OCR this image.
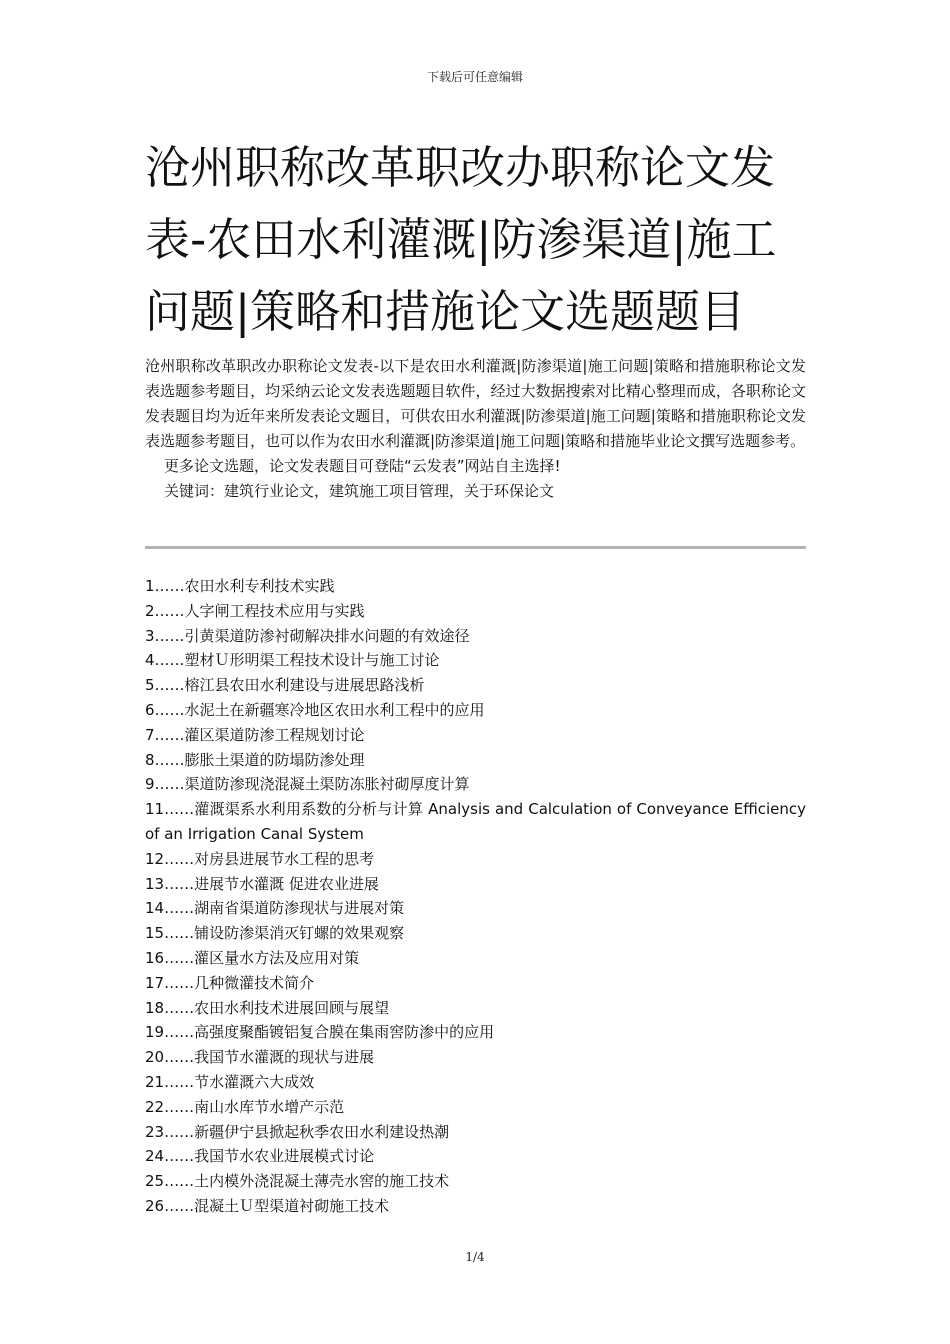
下载后可任意编辑
沧州职称改革职改办职称论文发表-农田水利灌溉|防渗渠道|施工问题|策略和措施论文选题题目

沧州职称改革职改办职称论文发表-以下是农田水利灌溉|防渗渠道|施工问题|策略和措施职称论文发表选题参考题目，均采纳云论文发表选题题目软件，经过大数据搜索对比精心整理而成，各职称论文发表题目均为近年来所发表论文题目，可供农田水利灌溉|防渗渠道|施工问题|策略和措施职称论文发表选题参考题目，也可以作为农田水利灌溉|防渗渠道|施工问题|策略和措施毕业论文撰写选题参考。

更多论文选题，论文发表题目可登陆“云发表”网站自主选择!

关键词：建筑行业论文，建筑施工项目管理，关于环保论文

1……农田水利专利技术实践
2……人字闸工程技术应用与实践
3……引黄渠道防渗衬砌解决排水问题的有效途径
4……塑材Ｕ形明渠工程技术设计与施工讨论
5……榕江县农田水利建设与进展思路浅析
6……水泥土在新疆寒冷地区农田水利工程中的应用
7……灌区渠道防渗工程规划讨论
8……膨胀土渠道的防塌防渗处理
9……渠道防渗现浇混凝土渠防冻胀衬砌厚度计算
11……灌溉渠系水利用系数的分析与计算 Analysis and Calculation of Conveyance Efficiency of an Irrigation Canal System
12……对房县进展节水工程的思考
13……进展节水灌溉 促进农业进展
14……湖南省渠道防渗现状与进展对策
15……铺设防渗渠消灭钉螺的效果观察
16……灌区量水方法及应用对策
17……几种微灌技术简介
18……农田水利技术进展回顾与展望
19……高强度聚酯镀铝复合膜在集雨窖防渗中的应用
20……我国节水灌溉的现状与进展
21……节水灌溉六大成效
22……南山水库节水增产示范
23……新疆伊宁县掀起秋季农田水利建设热潮
24……我国节水农业进展模式讨论
25……土内模外浇混凝土薄壳水窖的施工技术
26……混凝土Ｕ型渠道衬砌施工技术
1/4
